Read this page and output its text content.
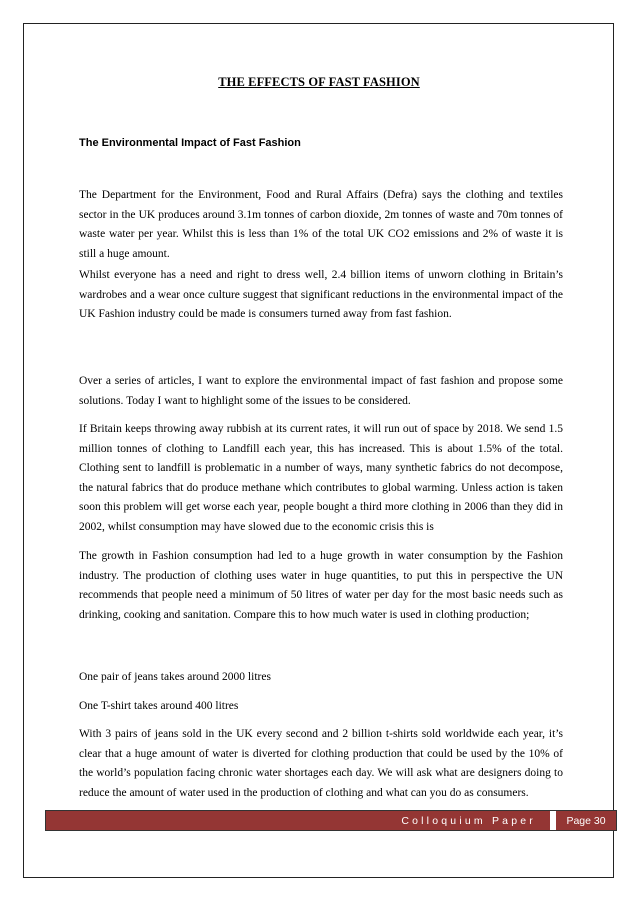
THE EFFECTS OF FAST FASHION
The Environmental Impact of Fast Fashion

The Department for the Environment, Food and Rural Affairs (Defra) says the clothing and textiles sector in the UK produces around 3.1m tonnes of carbon dioxide, 2m tonnes of waste and 70m tonnes of waste water per year. Whilst this is less than 1% of the total UK CO2 emissions and 2% of waste it is still a huge amount.

Whilst everyone has a need and right to dress well, 2.4 billion items of unworn clothing in Britain’s wardrobes and a wear once culture suggest that significant reductions in the environmental impact of the UK Fashion industry could be made is consumers turned away from fast fashion.

Over a series of articles, I want to explore the environmental impact of fast fashion and propose some solutions. Today I want to highlight some of the issues to be considered.

If Britain keeps throwing away rubbish at its current rates, it will run out of space by 2018. We send 1.5 million tonnes of clothing to Landfill each year, this has increased. This is about 1.5% of the total. Clothing sent to landfill is problematic in a number of ways, many synthetic fabrics do not decompose, the natural fabrics that do produce methane which contributes to global warming. Unless action is taken soon this problem will get worse each year, people bought a third more clothing in 2006 than they did in 2002, whilst consumption may have slowed due to the economic crisis this is

The growth in Fashion consumption had led to a huge growth in water consumption by the Fashion industry. The production of clothing uses water in huge quantities, to put this in perspective the UN recommends that people need a minimum of 50 litres of water per day for the most basic needs such as drinking, cooking and sanitation. Compare this to how much water is used in clothing production;

One pair of jeans takes around 2000 litres

One T-shirt takes around 400 litres

With 3 pairs of jeans sold in the UK every second and 2 billion t-shirts sold worldwide each year, it’s clear that a huge amount of water is diverted for clothing production that could be used by the 10% of the world’s population facing chronic water shortages each day. We will ask what are designers doing to reduce the amount of water used in the production of clothing and what can you do as consumers.

Colloquium Paper	Page 30
